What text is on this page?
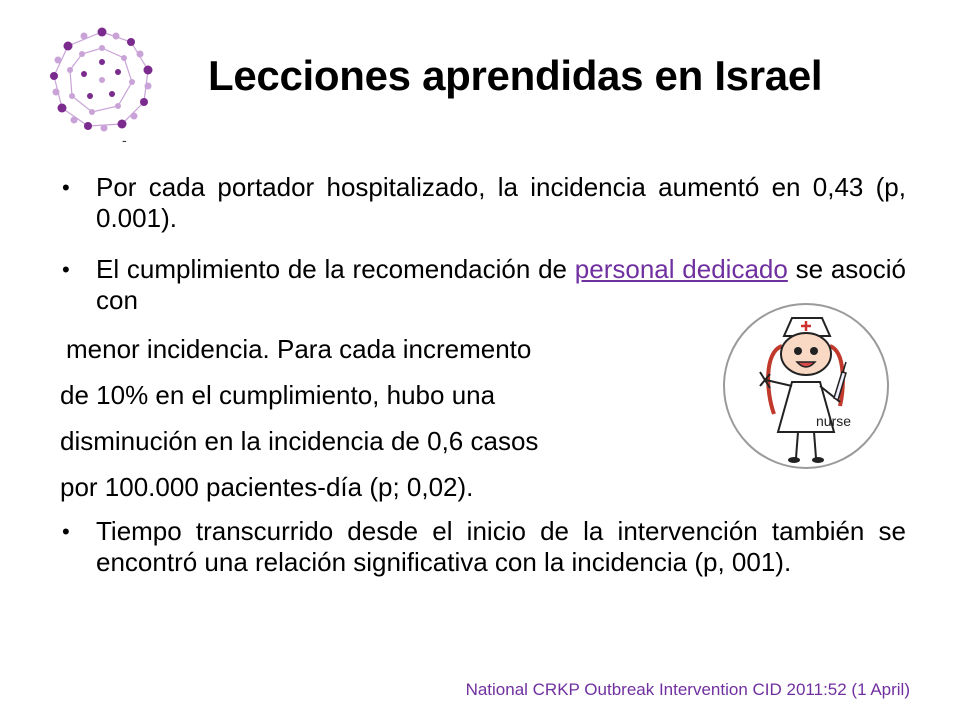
-
Lecciones aprendidas en Israel
• Por cada portador hospitalizado, la incidencia aumentó en 0,43 (p, 0.001).
• El cumplimiento de la recomendación de personal dedicado se asoció con
menor incidencia. Para cada incremento
de 10% en el cumplimiento, hubo una
disminución en la incidencia de 0,6 casos
por 100.000 pacientes-día (p; 0,02).
• Tiempo transcurrido desde el inicio de la intervención también se encontró una relación significativa con la incidencia (p, 001).
nurse
National CRKP Outbreak Intervention CID 2011:52 (1 April)
